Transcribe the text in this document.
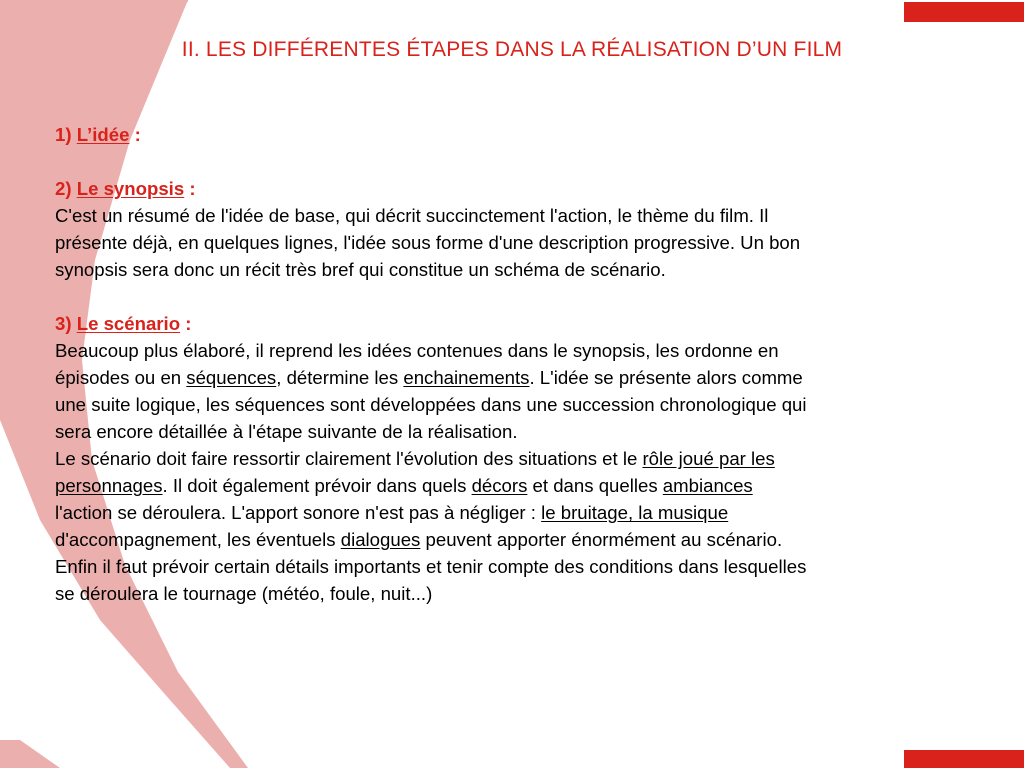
II. LES DIFFÉRENTES ÉTAPES DANS LA RÉALISATION D’UN FILM
1) L’idée :
2) Le synopsis :
C'est un résumé de l'idée de base, qui décrit succinctement l'action, le thème du film. Il
présente déjà, en quelques lignes, l'idée sous forme d'une description progressive. Un bon
synopsis sera donc un récit très bref qui constitue un schéma de scénario.
3) Le scénario :
Beaucoup plus élaboré, il reprend les idées contenues dans le synopsis, les ordonne en
épisodes ou en séquences, détermine les enchainements. L'idée se présente alors comme
une suite logique, les séquences sont développées dans une succession chronologique qui
sera encore détaillée à l'étape suivante de la réalisation.
Le scénario doit faire ressortir clairement l'évolution des situations et le rôle joué par les
personnages. Il doit également prévoir dans quels décors et dans quelles ambiances
l'action se déroulera. L'apport sonore n'est pas à négliger : le bruitage, la musique
d'accompagnement, les éventuels dialogues peuvent apporter énormément au scénario.
Enfin il faut prévoir certain détails importants et tenir compte des conditions dans lesquelles
se déroulera le tournage (météo, foule, nuit...)
